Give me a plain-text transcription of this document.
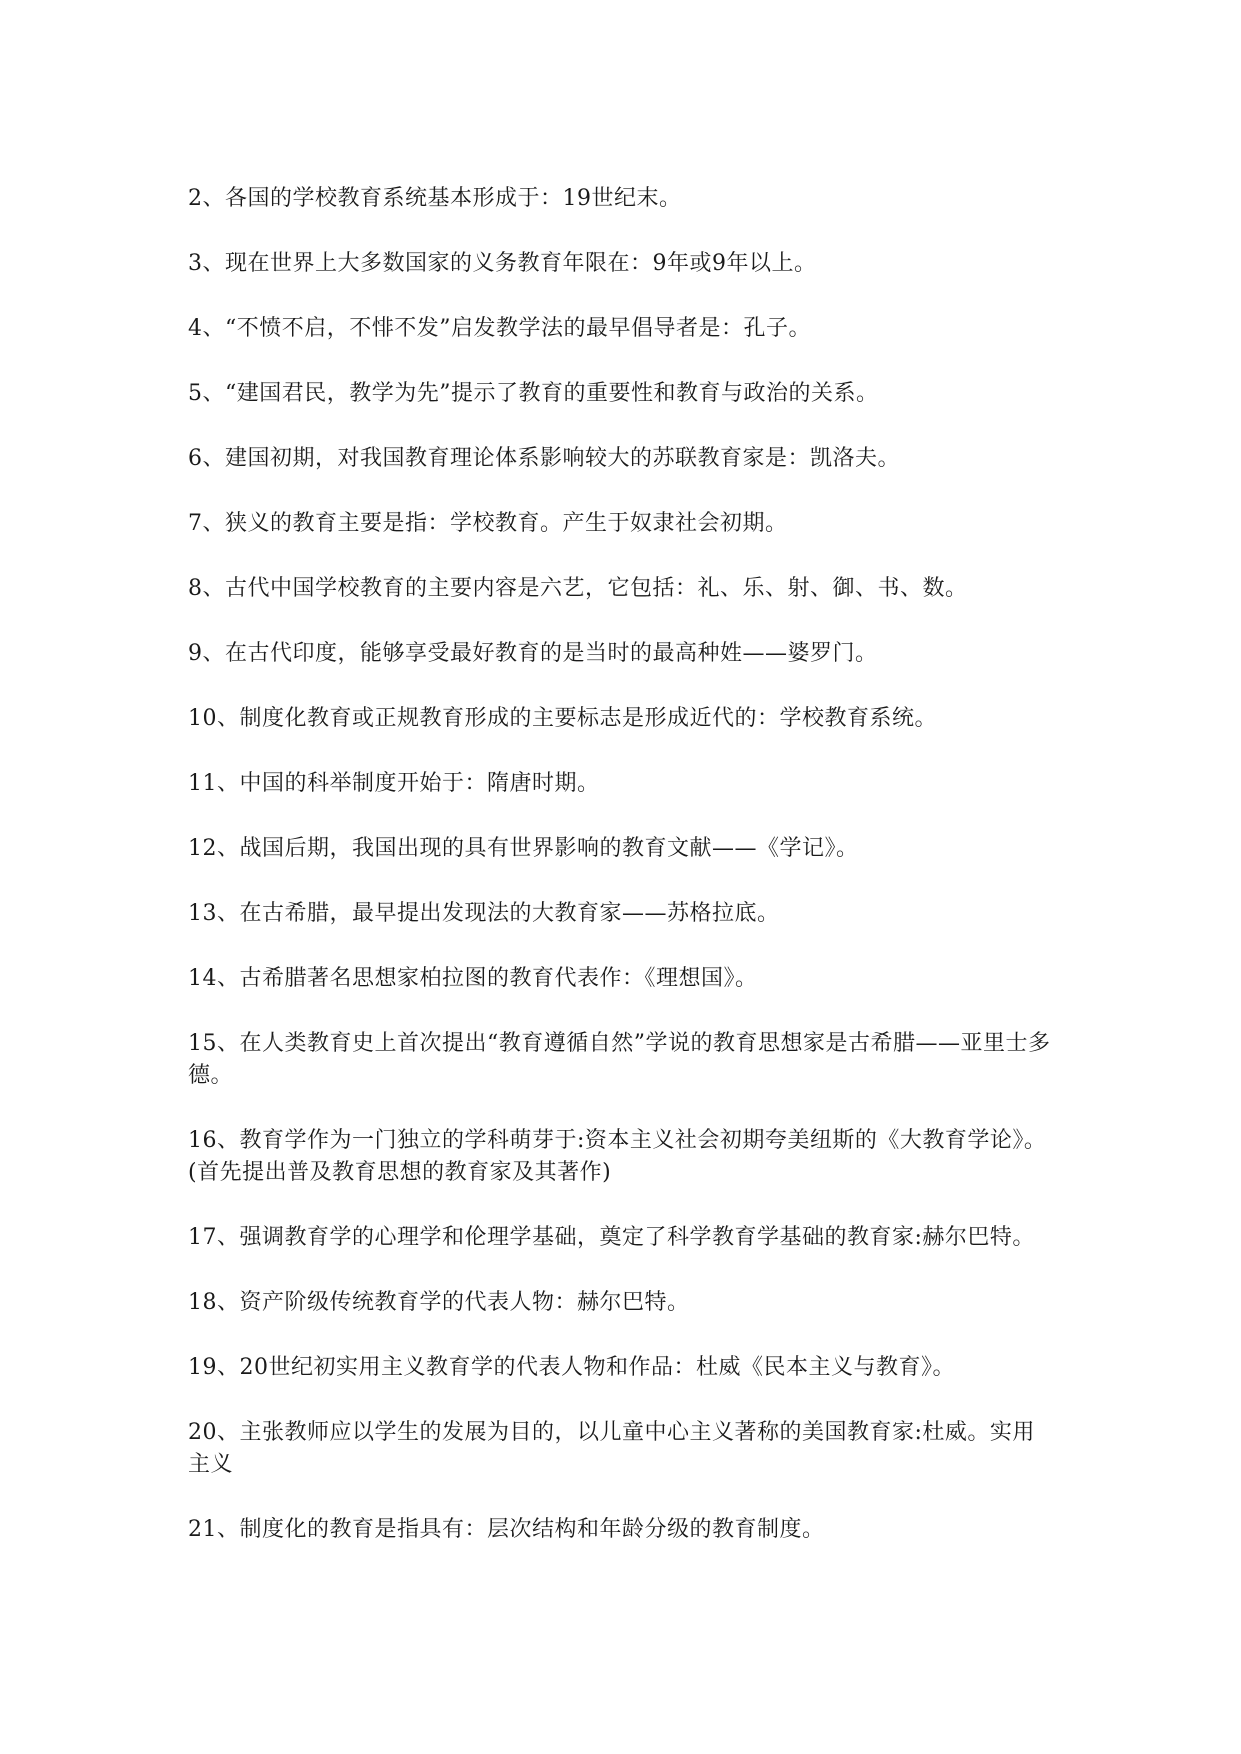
2、各国的学校教育系统基本形成于：19世纪末。

3、现在世界上大多数国家的义务教育年限在：9年或9年以上。

4、“不愤不启，不悱不发”启发教学法的最早倡导者是：孔子。

5、“建国君民，教学为先”提示了教育的重要性和教育与政治的关系。

6、建国初期，对我国教育理论体系影响较大的苏联教育家是：凯洛夫。

7、狭义的教育主要是指：学校教育。产生于奴隶社会初期。

8、古代中国学校教育的主要内容是六艺，它包括：礼、乐、射、御、书、数。

9、在古代印度，能够享受最好教育的是当时的最高种姓——婆罗门。

10、制度化教育或正规教育形成的主要标志是形成近代的：学校教育系统。

11、中国的科举制度开始于：隋唐时期。

12、战国后期，我国出现的具有世界影响的教育文献——《学记》。

13、在古希腊，最早提出发现法的大教育家——苏格拉底。

14、古希腊著名思想家柏拉图的教育代表作：《理想国》。

15、在人类教育史上首次提出“教育遵循自然”学说的教育思想家是古希腊——亚里士多德。

16、教育学作为一门独立的学科萌芽于:资本主义社会初期夸美纽斯的《大教育学论》。(首先提出普及教育思想的教育家及其著作)

17、强调教育学的心理学和伦理学基础，奠定了科学教育学基础的教育家:赫尔巴特。

18、资产阶级传统教育学的代表人物：赫尔巴特。

19、20世纪初实用主义教育学的代表人物和作品：杜威《民本主义与教育》。

20、主张教师应以学生的发展为目的，以儿童中心主义著称的美国教育家:杜威。实用主义

21、制度化的教育是指具有：层次结构和年龄分级的教育制度。
